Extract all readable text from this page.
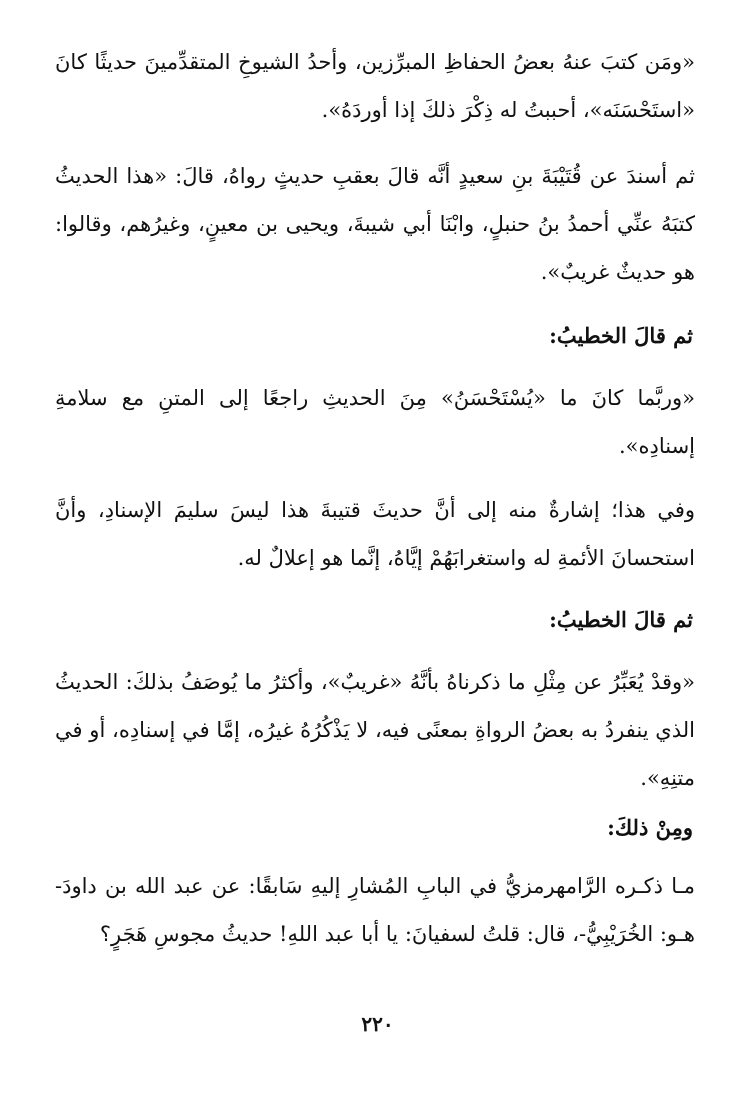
«ومَن كتبَ عنهُ بعضُ الحفاظِ المبرِّزين، وأحدُ الشيوخِ المتقدِّمينَ حديثًا كانَ «استَحْسَنَه»، أحببتُ له ذِكْرَ ذلكَ إذا أوردَهُ».

ثم أسندَ عن قُتَيْبَةَ بنِ سعيدٍ أنَّه قالَ بعقبِ حديثٍ رواهُ، قالَ: «هذا الحديثُ كتبَهُ عنِّي أحمدُ بنُ حنبلٍ، وابْنَا أبي شيبةَ، ويحيى بن معينٍ، وغيرُهم، وقالوا: هو حديثٌ غريبٌ».

ثم قالَ الخطيبُ:

«وربَّما كانَ ما «يُسْتَحْسَنُ» مِنَ الحديثِ راجعًا إلى المتنِ مع سلامةِ إسنادِه».

وفي هذا؛ إشارةٌ منه إلى أنَّ حديثَ قتيبةَ هذا ليسَ سليمَ الإسنادِ، وأنَّ استحسانَ الأئمةِ له واستغرابَهُمْ إيَّاهُ، إنَّما هو إعلالٌ له.

ثم قالَ الخطيبُ:

«وقدْ يُعَبِّرُ عن مِثْلِ ما ذكرناهُ بأنَّهُ «غريبٌ»، وأكثرُ ما يُوصَفُ بذلكَ: الحديثُ الذي ينفردُ به بعضُ الرواةِ بمعنًى فيه، لا يَذْكُرُهُ غيرُه، إمَّا في إسنادِه، أو في متنِهِ».

ومِنْ ذلكَ:

مـا ذكـره الرَّامهرمزيُّ في البابِ المُشارِ إليهِ سَابقًا: عن عبد الله بن داودَ- هـو: الخُرَيْبِيُّ-، قال: قلتُ لسفيانَ: يا أبا عبد اللهِ! حديثُ مجوسِ هَجَرٍ؟

٢٢٠
